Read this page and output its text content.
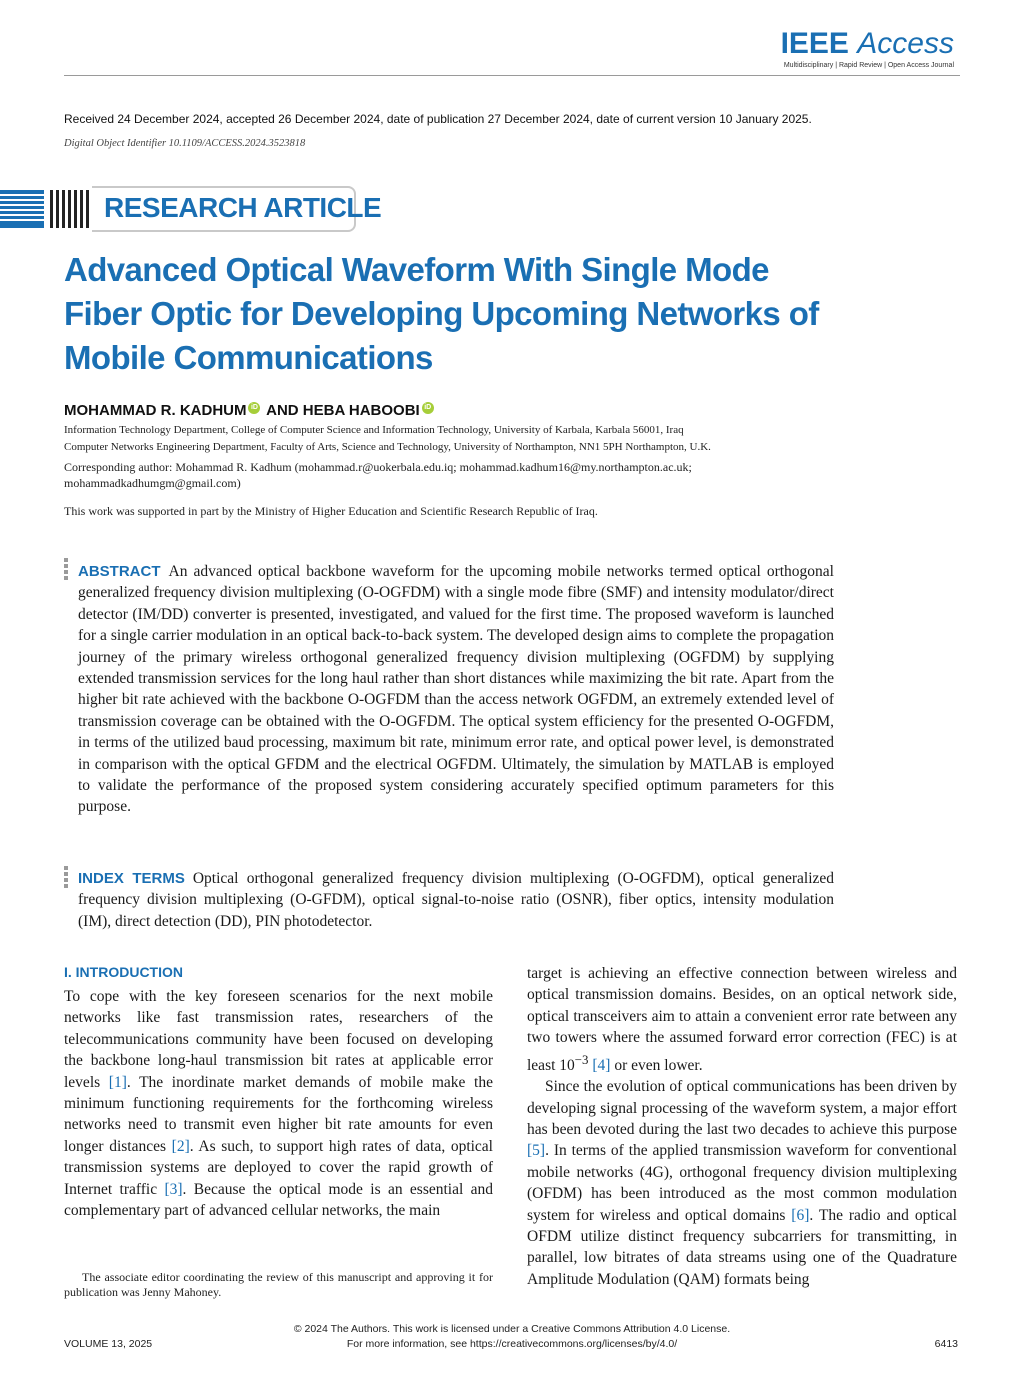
IEEE Access
Multidisciplinary | Rapid Review | Open Access Journal
Received 24 December 2024, accepted 26 December 2024, date of publication 27 December 2024, date of current version 10 January 2025.
Digital Object Identifier 10.1109/ACCESS.2024.3523818
RESEARCH ARTICLE
Advanced Optical Waveform With Single Mode Fiber Optic for Developing Upcoming Networks of Mobile Communications
MOHAMMAD R. KADHUM iD AND HEBA HABOOBI iD
Information Technology Department, College of Computer Science and Information Technology, University of Karbala, Karbala 56001, Iraq
Computer Networks Engineering Department, Faculty of Arts, Science and Technology, University of Northampton, NN1 5PH Northampton, U.K.
Corresponding author: Mohammad R. Kadhum (mohammad.r@uokerbala.edu.iq; mohammad.kadhum16@my.northampton.ac.uk;
mohammadkadhumgm@gmail.com)
This work was supported in part by the Ministry of Higher Education and Scientific Research Republic of Iraq.
ABSTRACT An advanced optical backbone waveform for the upcoming mobile networks termed optical orthogonal generalized frequency division multiplexing (O-OGFDM) with a single mode fibre (SMF) and intensity modulator/direct detector (IM/DD) converter is presented, investigated, and valued for the first time. The proposed waveform is launched for a single carrier modulation in an optical back-to-back system. The developed design aims to complete the propagation journey of the primary wireless orthogonal generalized frequency division multiplexing (OGFDM) by supplying extended transmission services for the long haul rather than short distances while maximizing the bit rate. Apart from the higher bit rate achieved with the backbone O-OGFDM than the access network OGFDM, an extremely extended level of transmission coverage can be obtained with the O-OGFDM. The optical system efficiency for the presented O-OGFDM, in terms of the utilized baud processing, maximum bit rate, minimum error rate, and optical power level, is demonstrated in comparison with the optical GFDM and the electrical OGFDM. Ultimately, the simulation by MATLAB is employed to validate the performance of the proposed system considering accurately specified optimum parameters for this purpose.
INDEX TERMS Optical orthogonal generalized frequency division multiplexing (O-OGFDM), optical generalized frequency division multiplexing (O-GFDM), optical signal-to-noise ratio (OSNR), fiber optics, intensity modulation (IM), direct detection (DD), PIN photodetector.
I. INTRODUCTION

To cope with the key foreseen scenarios for the next mobile networks like fast transmission rates, researchers of the telecommunications community have been focused on developing the backbone long-haul transmission bit rates at applicable error levels [1]. The inordinate market demands of mobile make the minimum functioning requirements for the forthcoming wireless networks need to transmit even higher bit rate amounts for even longer distances [2]. As such, to support high rates of data, optical transmission systems are deployed to cover the rapid growth of Internet traffic [3]. Because the optical mode is an essential and complementary part of advanced cellular networks, the main

target is achieving an effective connection between wireless and optical transmission domains. Besides, on an optical network side, optical transceivers aim to attain a convenient error rate between any two towers where the assumed forward error correction (FEC) is at least $10^{-3}$ [4] or even lower.

Since the evolution of optical communications has been driven by developing signal processing of the waveform system, a major effort has been devoted during the last two decades to achieve this purpose [5]. In terms of the applied transmission waveform for conventional mobile networks (4G), orthogonal frequency division multiplexing (OFDM) has been introduced as the most common modulation system for wireless and optical domains [6]. The radio and optical OFDM utilize distinct frequency subcarriers for transmitting, in parallel, low bitrates of data streams using one of the Quadrature Amplitude Modulation (QAM) formats being

The associate editor coordinating the review of this manuscript and approving it for publication was Jenny Mahoney.

© 2024 The Authors. This work is licensed under a Creative Commons Attribution 4.0 License.
For more information, see https://creativecommons.org/licenses/by/4.0/
VOLUME 13, 2025	6413
